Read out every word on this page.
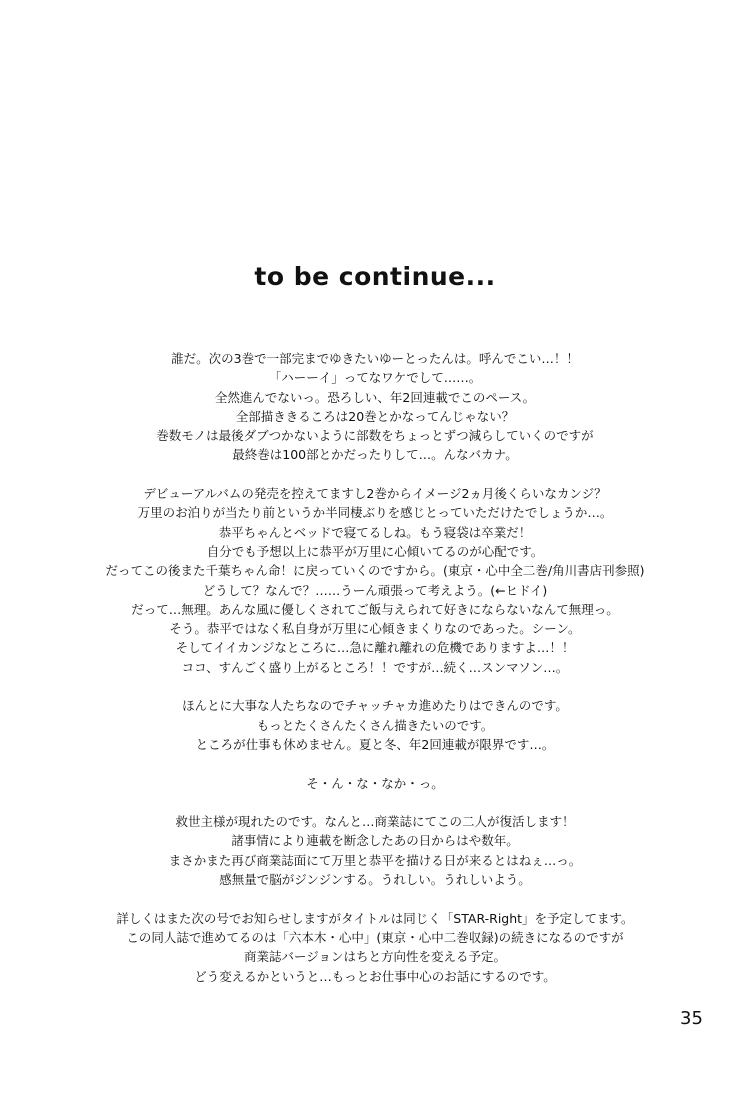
to be continue...
誰だ。次の3巻で一部完までゆきたいゆーとったんは。呼んでこい…！！
「ハーーイ」ってなワケでして……。
全然進んでないっ。恐ろしい、年2回連載でこのペース。
全部描ききるころは20巻とかなってんじゃない？
巻数モノは最後ダブつかないように部数をちょっとずつ減らしていくのですが
最終巻は100部とかだったりして…。んなバカナ。
デビューアルバムの発売を控えてますし2巻からイメージ2ヵ月後くらいなカンジ？
万里のお泊りが当たり前というか半同棲ぶりを感じとっていただけたでしょうか…。
恭平ちゃんとベッドで寝てるしね。もう寝袋は卒業だ！
自分でも予想以上に恭平が万里に心傾いてるのが心配です。
だってこの後また千葉ちゃん命！に戻っていくのですから。(東京・心中全二巻/角川書店刊参照)
どうして？なんで？……うーん頑張って考えよう。(←ヒドイ)
だって…無理。あんな風に優しくされてご飯与えられて好きにならないなんて無理っ。
そう。恭平ではなく私自身が万里に心傾きまくりなのであった。シーン。
そしてイイカンジなところに…急に離れ離れの危機でありますよ…！！
ココ、すんごく盛り上がるところ！！ですが…続く…スンマソン…。
ほんとに大事な人たちなのでチャッチャカ進めたりはできんのです。
もっとたくさんたくさん描きたいのです。
ところが仕事も休めません。夏と冬、年2回連載が限界です…。
そ・ん・な・なか・っ。
救世主様が現れたのです。なんと…商業誌にてこの二人が復活します！
諸事情により連載を断念したあの日からはや数年。
まさかまた再び商業誌面にて万里と恭平を描ける日が来るとはねぇ…っ。
感無量で脳がジンジンする。うれしい。うれしいよう。
詳しくはまた次の号でお知らせしますがタイトルは同じく「STAR-Right」を予定してます。
この同人誌で進めてるのは「六本木・心中」(東京・心中二巻収録)の続きになるのですが
商業誌バージョンはちと方向性を変える予定。
どう変えるかというと…もっとお仕事中心のお話にするのです。
35
